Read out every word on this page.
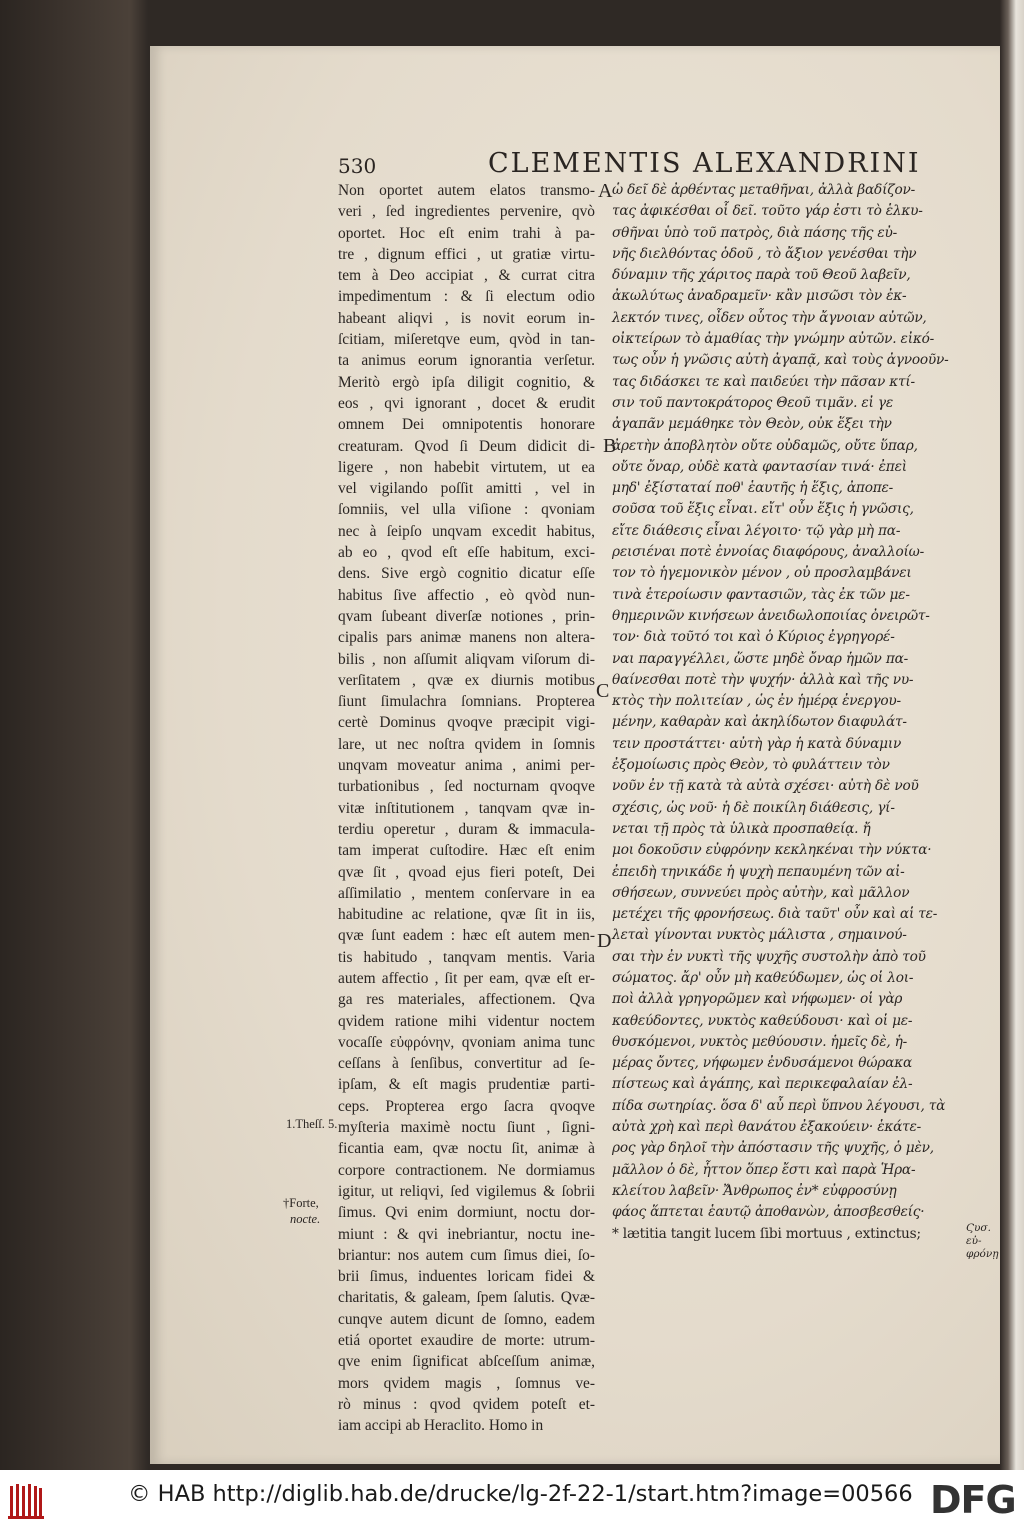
530	CLEMENTIS ALEXANDRINI
Non oportet autem elatos transmo-
veri , ſed ingredientes pervenire, qvò
oportet. Hoc eſt enim trahi à pa-
tre , dignum effici , ut gratiæ virtu-
tem à Deo accipiat , & currat citra
impedimentum : & ſi electum odio
habeant aliqvi , is novit eorum in-
ſcitiam, miſeretqve eum, qvòd in tan-
ta animus eorum ignorantia verſetur.
Meritò ergò ipſa diligit cognitio, &
eos , qvi ignorant , docet & erudit
omnem Dei omnipotentis honorare
creaturam. Qvod ſi Deum didicit di-
ligere , non habebit virtutem, ut ea
vel vigilando poſſit amitti , vel in
ſomniis, vel ulla viſione : qvoniam
nec à ſeipſo unqvam excedit habitus,
ab eo , qvod eſt eſſe habitum, exci-
dens. Sive ergò cognitio dicatur eſſe
habitus ſive affectio , eò qvòd nun-
qvam ſubeant diverſæ notiones , prin-
cipalis pars animæ manens non altera-
bilis , non aſſumit aliqvam viſorum di-
verſitatem , qvæ ex diurnis motibus
ſiunt ſimulachra ſomnians. Propterea
certè Dominus qvoqve præcipit vigi-
lare, ut nec noſtra qvidem in ſomnis
unqvam moveatur anima , animi per-
turbationibus , ſed nocturnam qvoqve
vitæ inſtitutionem , tanqvam qvæ in-
terdiu operetur , duram & immacula-
tam imperat cuſtodire. Hæc eſt enim
qvæ ſit , qvoad ejus fieri poteſt, Dei
aſſimilatio , mentem conſervare in ea
habitudine ac relatione, qvæ ſit in iis,
qvæ ſunt eadem : hæc eſt autem men-
tis habitudo , tanqvam mentis. Varia
autem affectio , ſit per eam, qvæ eſt er-
ga res materiales, affectionem. Qva
qvidem ratione mihi videntur noctem
vocaſſe εὐφρόνην, qvoniam anima tunc
ceſſans à ſenſibus, convertitur ad ſe-
ipſam, & eſt magis prudentiæ parti-
ceps. Propterea ergo ſacra qvoqve
myſteria maximè noctu ſiunt , ſigni-
ficantia eam, qvæ noctu ſit, animæ à
corpore contractionem. Ne dormiamus
igitur, ut reliqvi, ſed vigilemus & ſobrii
ſimus. Qvi enim dormiunt, noctu dor-
miunt : & qvi inebriantur, noctu ine-
briantur: nos autem cum ſimus diei, ſo-
brii ſimus, induentes loricam fidei &
charitatis, & galeam, ſpem ſalutis. Qvæ-
cunqve autem dicunt de ſomno, eadem
etiá oportet exaudire de morte: utrum-
qve enim ſignificat abſceſſum animæ,
mors qvidem magis , ſomnus ve-
rò minus : qvod qvidem poteſt et-
iam accipi ab Heraclito. Homo in
ὡ δεῖ δὲ ἀρθέντας μεταθῆναι, ἀλλὰ βαδίζον-
τας ἀφικέσθαι οἷ δεῖ. τοῦτο γάρ ἐστι τὸ ἑλκυ-
σθῆναι ὑπὸ τοῦ πατρὸς, διὰ πάσης τῆς εὐ-
νῆς διελθόντας ὁδοῦ , τὸ ἄξιον γενέσθαι τὴν
δύναμιν τῆς χάριτος παρὰ τοῦ Θεοῦ λαβεῖν,
ἀκωλύτως ἀναδραμεῖν· κἂν μισῶσι τὸν ἐκ-
λεκτόν τινες, οἶδεν οὗτος τὴν ἄγνοιαν αὐτῶν,
οἰκτείρων τὸ ἀμαθίας τὴν γνώμην αὐτῶν. εἰκό-
τως οὖν ἡ γνῶσις αὐτὴ ἀγαπᾷ, καὶ τοὺς ἀγνοοῦν-
τας διδάσκει τε καὶ παιδεύει τὴν πᾶσαν κτί-
σιν τοῦ παντοκράτορος Θεοῦ τιμᾶν. εἰ γε
ἀγαπᾶν μεμάθηκε τὸν Θεὸν, οὐκ ἕξει τὴν
ἀρετὴν ἀποβλητὸν οὔτε οὐδαμῶς, οὔτε ὕπαρ,
οὔτε ὄναρ, οὐδὲ κατὰ φαντασίαν τινά· ἐπεὶ
μηδ' ἐξίσταταί ποθ' ἑαυτῆς ἡ ἕξις, ἀποπε-
σοῦσα τοῦ ἕξις εἶναι. εἴτ' οὖν ἕξις ἡ γνῶσις,
εἴτε διάθεσις εἶναι λέγοιτο· τῷ γὰρ μὴ πα-
ρεισιέναι ποτὲ ἐννοίας διαφόρους, ἀναλλοίω-
τον τὸ ἡγεμονικὸν μένον , οὐ προσλαμβάνει
τινὰ ἑτεροίωσιν φαντασιῶν, τὰς ἐκ τῶν με-
θημερινῶν κινήσεων ἀνειδωλοποιίας ὀνειρῶτ-
τον· διὰ τοῦτό τοι καὶ ὁ Κύριος ἐγρηγορέ-
ναι παραγγέλλει, ὥστε μηδὲ ὄναρ ἡμῶν πα-
θαίνεσθαι ποτὲ τὴν ψυχήν· ἀλλὰ καὶ τῆς νυ-
κτὸς τὴν πολιτείαν , ὡς ἐν ἡμέρᾳ ἐνεργου-
μένην, καθαρὰν καὶ ἀκηλίδωτον διαφυλάτ-
τειν προστάττει· αὐτὴ γὰρ ἡ κατὰ δύναμιν
ἐξομοίωσις πρὸς Θεὸν, τὸ φυλάττειν τὸν
νοῦν ἐν τῇ κατὰ τὰ αὐτὰ σχέσει· αὐτὴ δὲ νοῦ
σχέσις, ὡς νοῦ· ἡ δὲ ποικίλη διάθεσις, γί-
νεται τῇ πρὸς τὰ ὑλικὰ προσπαθείᾳ. ἤ
μοι δοκοῦσιν εὐφρόνην κεκληκέναι τὴν νύκτα·
ἐπειδὴ τηνικάδε ἡ ψυχὴ πεπαυμένη τῶν αἰ-
σθήσεων, συννεύει πρὸς αὐτὴν, καὶ μᾶλλον
μετέχει τῆς φρονήσεως. διὰ ταῦτ' οὖν καὶ αἱ τε-
λεταὶ γίνονται νυκτὸς μάλιστα , σημαινού-
σαι τὴν ἐν νυκτὶ τῆς ψυχῆς συστολὴν ἀπὸ τοῦ
σώματος. ἄρ' οὖν μὴ καθεύδωμεν, ὡς οἱ λοι-
ποὶ ἀλλὰ γρηγορῶμεν καὶ νήφωμεν· οἱ γὰρ
καθεύδοντες, νυκτὸς καθεύδουσι· καὶ οἱ με-
θυσκόμενοι, νυκτὸς μεθύουσιν. ἡμεῖς δὲ, ἡ-
μέρας ὄντες, νήφωμεν ἐνδυσάμενοι θώρακα
πίστεως καὶ ἀγάπης, καὶ περικεφαλαίαν ἐλ-
πίδα σωτηρίας. ὅσα δ' αὖ περὶ ὕπνου λέγουσι, τὰ
αὐτὰ χρὴ καὶ περὶ θανάτου ἐξακούειν· ἑκάτε-
ρος γὰρ δηλοῖ τὴν ἀπόστασιν τῆς ψυχῆς, ὁ μὲν,
μᾶλλον ὁ δὲ, ἧττον ὅπερ ἔστι καὶ παρὰ Ἡρα-
κλείτου λαβεῖν· Ἄνθρωπος ἐν* εὐφροσύνῃ
φάος ἅπτεται ἑαυτῷ ἀποθανὼν, ἀποσβεσθείς·
* lætitia tangit lucem ſibi mortuus , extinctus;
A
B
C
D
1.Theſſ. 5.
†Forte,
nocte.
Ϛυσ. εὐ- φρόνῃ
© HAB http://diglib.hab.de/drucke/lg-2f-22-1/start.htm?image=00566 DFG
